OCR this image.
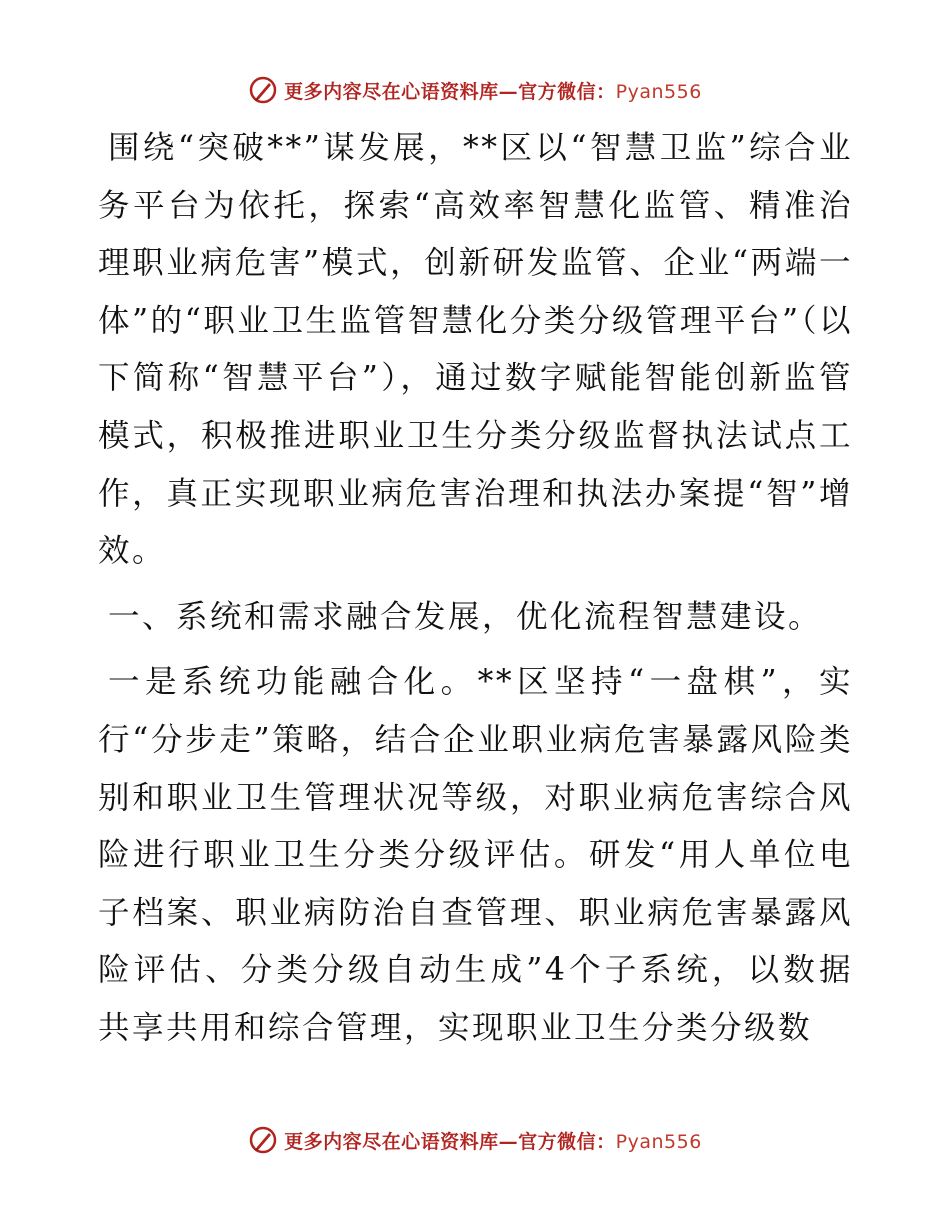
更多内容尽在心语资料库—官方微信：Pyan556

围绕“突破**”谋发展，**区以“智慧卫监”综合业务平台为依托，探索“高效率智慧化监管、精准治理职业病危害”模式，创新研发监管、企业“两端一体”的“职业卫生监管智慧化分类分级管理平台”（以下简称“智慧平台”），通过数字赋能智能创新监管模式，积极推进职业卫生分类分级监督执法试点工作，真正实现职业病危害治理和执法办案提“智”增效。

一、系统和需求融合发展，优化流程智慧建设。

一是系统功能融合化。**区坚持“一盘棋”，实行“分步走”策略，结合企业职业病危害暴露风险类别和职业卫生管理状况等级，对职业病危害综合风险进行职业卫生分类分级评估。研发“用人单位电子档案、职业病防治自查管理、职业病危害暴露风险评估、分类分级自动生成”4个子系统，以数据共享共用和综合管理，实现职业卫生分类分级数

更多内容尽在心语资料库—官方微信：Pyan556
